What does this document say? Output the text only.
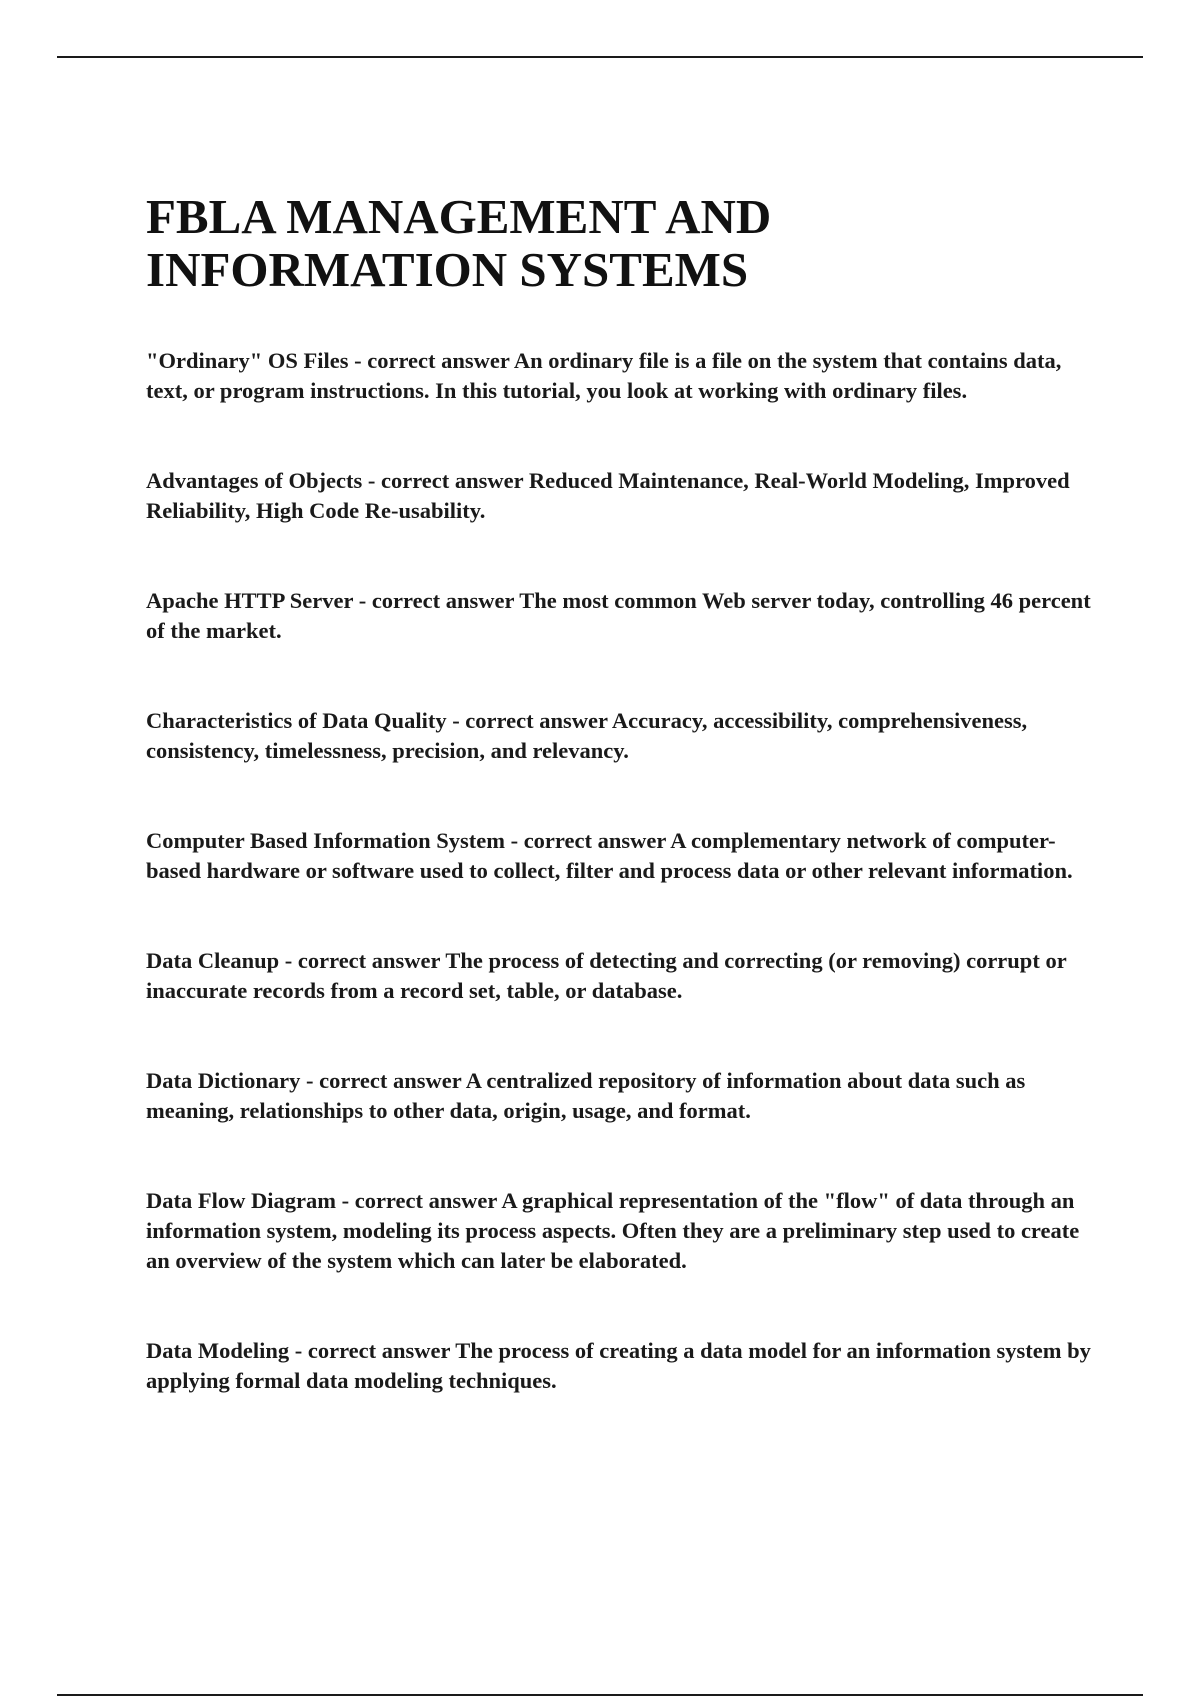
FBLA MANAGEMENT AND
INFORMATION SYSTEMS

"Ordinary" OS Files - correct answer An ordinary file is a file on the system that contains data, text, or program instructions. In this tutorial, you look at working with ordinary files.

Advantages of Objects - correct answer Reduced Maintenance, Real-World Modeling, Improved Reliability, High Code Re-usability.

Apache HTTP Server - correct answer The most common Web server today, controlling 46 percent of the market.

Characteristics of Data Quality - correct answer Accuracy, accessibility, comprehensiveness, consistency, timelessness, precision, and relevancy.

Computer Based Information System - correct answer A complementary network of computer-based hardware or software used to collect, filter and process data or other relevant information.

Data Cleanup - correct answer The process of detecting and correcting (or removing) corrupt or inaccurate records from a record set, table, or database.

Data Dictionary - correct answer A centralized repository of information about data such as meaning, relationships to other data, origin, usage, and format.

Data Flow Diagram - correct answer A graphical representation of the "flow" of data through an information system, modeling its process aspects. Often they are a preliminary step used to create an overview of the system which can later be elaborated.

Data Modeling - correct answer The process of creating a data model for an information system by applying formal data modeling techniques.
